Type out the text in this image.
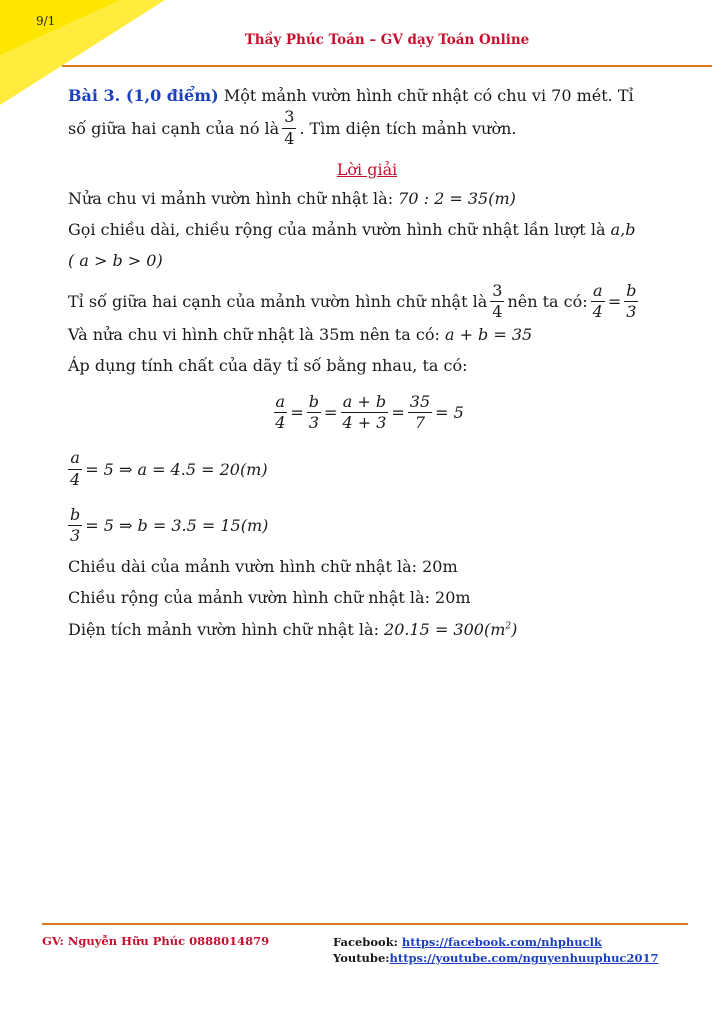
9/1
Thầy Phúc Toán – GV dạy Toán Online

Bài 3. (1,0 điểm) Một mảnh vườn hình chữ nhật có chu vi 70 mét. Tỉ

số giữa hai cạnh của nó là $\frac{3}{4}$ . Tìm diện tích mảnh vườn.

Lời giải

Nửa chu vi mảnh vườn hình chữ nhật là: 70 : 2 = 35(m)

Gọi chiều dài, chiều rộng của mảnh vườn hình chữ nhật lần lượt là a,b

( a > b > 0)

Tỉ số giữa hai cạnh của mảnh vườn hình chữ nhật là $\frac{3}{4}$ nên ta có: $\frac{a}{4} = \frac{b}{3}$

Và nửa chu vi hình chữ nhật là 35m nên ta có: a + b = 35

Áp dụng tính chất của dãy tỉ số bằng nhau, ta có:

$\frac{a}{4} = \frac{b}{3} = \frac{a + b}{4 + 3} = \frac{35}{7} = 5$
$\frac{a}{4} = 5$ ⇒ a = 4.5 = 20(m)
$\frac{b}{3} = 5$ ⇒ b = 3.5 = 15(m)

Chiều dài của mảnh vườn hình chữ nhật là: 20m

Chiều rộng của mảnh vườn hình chữ nhật là: 20m

Diện tích mảnh vườn hình chữ nhật là: $20.15 = 300(m^2)$

GV: Nguyễn Hữu Phúc 0888014879	Facebook: https://facebook.com/nhphuclk
Youtube:https://youtube.com/nguyenhuuphuc2017
